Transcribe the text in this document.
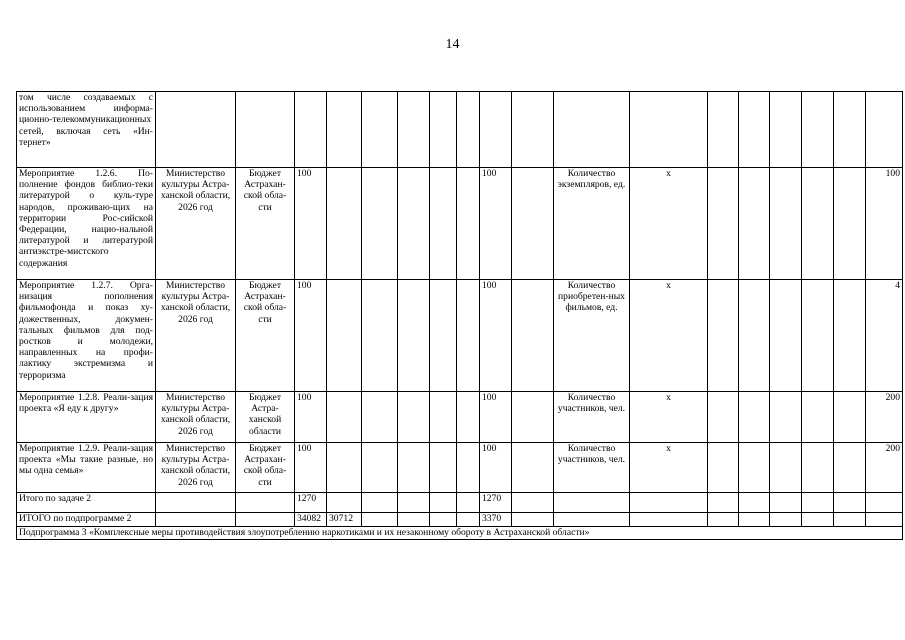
14
том числе создаваемых с использованием информа-ционно-телекоммуникационных сетей, включая сеть «Ин-тернет»																		
Мероприятие 1.2.6. По-полнение фондов библио-теки литературой о куль-туре народов, проживаю-щих на территории Рос-сийской Федерации, нацио-нальной литературой и литературой антиэкстре-мистского содержания	Министерство культуры Астра-ханской области, 2026 год	Бюджет Астрахан-ской обла-сти	100						100		Количество экземпляров, ед.	х						100
Мероприятие 1.2.7. Орга-низация пополнения фильмофонда и показ ху-дожественных, докумен-тальных фильмов для под-ростков и молодежи, направленных на профи-лактику экстремизма и терроризма	Министерство культуры Астра-ханской области, 2026 год	Бюджет Астрахан-ской обла-сти	100						100		Количество приобретен-ных фильмов, ед.	х						4
Мероприятие 1.2.8. Реали-зация проекта «Я еду к другу»	Министерство культуры Астра-ханской области, 2026 год	Бюджет Астра-ханской области	100						100		Количество участников, чел.	х						200
Мероприятие 1.2.9. Реали-зация проекта «Мы такие разные, но мы одна семья»	Министерство культуры Астра-ханской области, 2026 год	Бюджет Астрахан-ской обла-сти	100						100		Количество участников, чел.	х						200
Итого по задаче 2			1270						1270									
ИТОГО по подпрограмме 2			34082	30712					3370									
Подпрограмма 3 «Комплексные меры противодействия злоупотреблению наркотиками и их незаконному обороту в Астраханской области»																		
